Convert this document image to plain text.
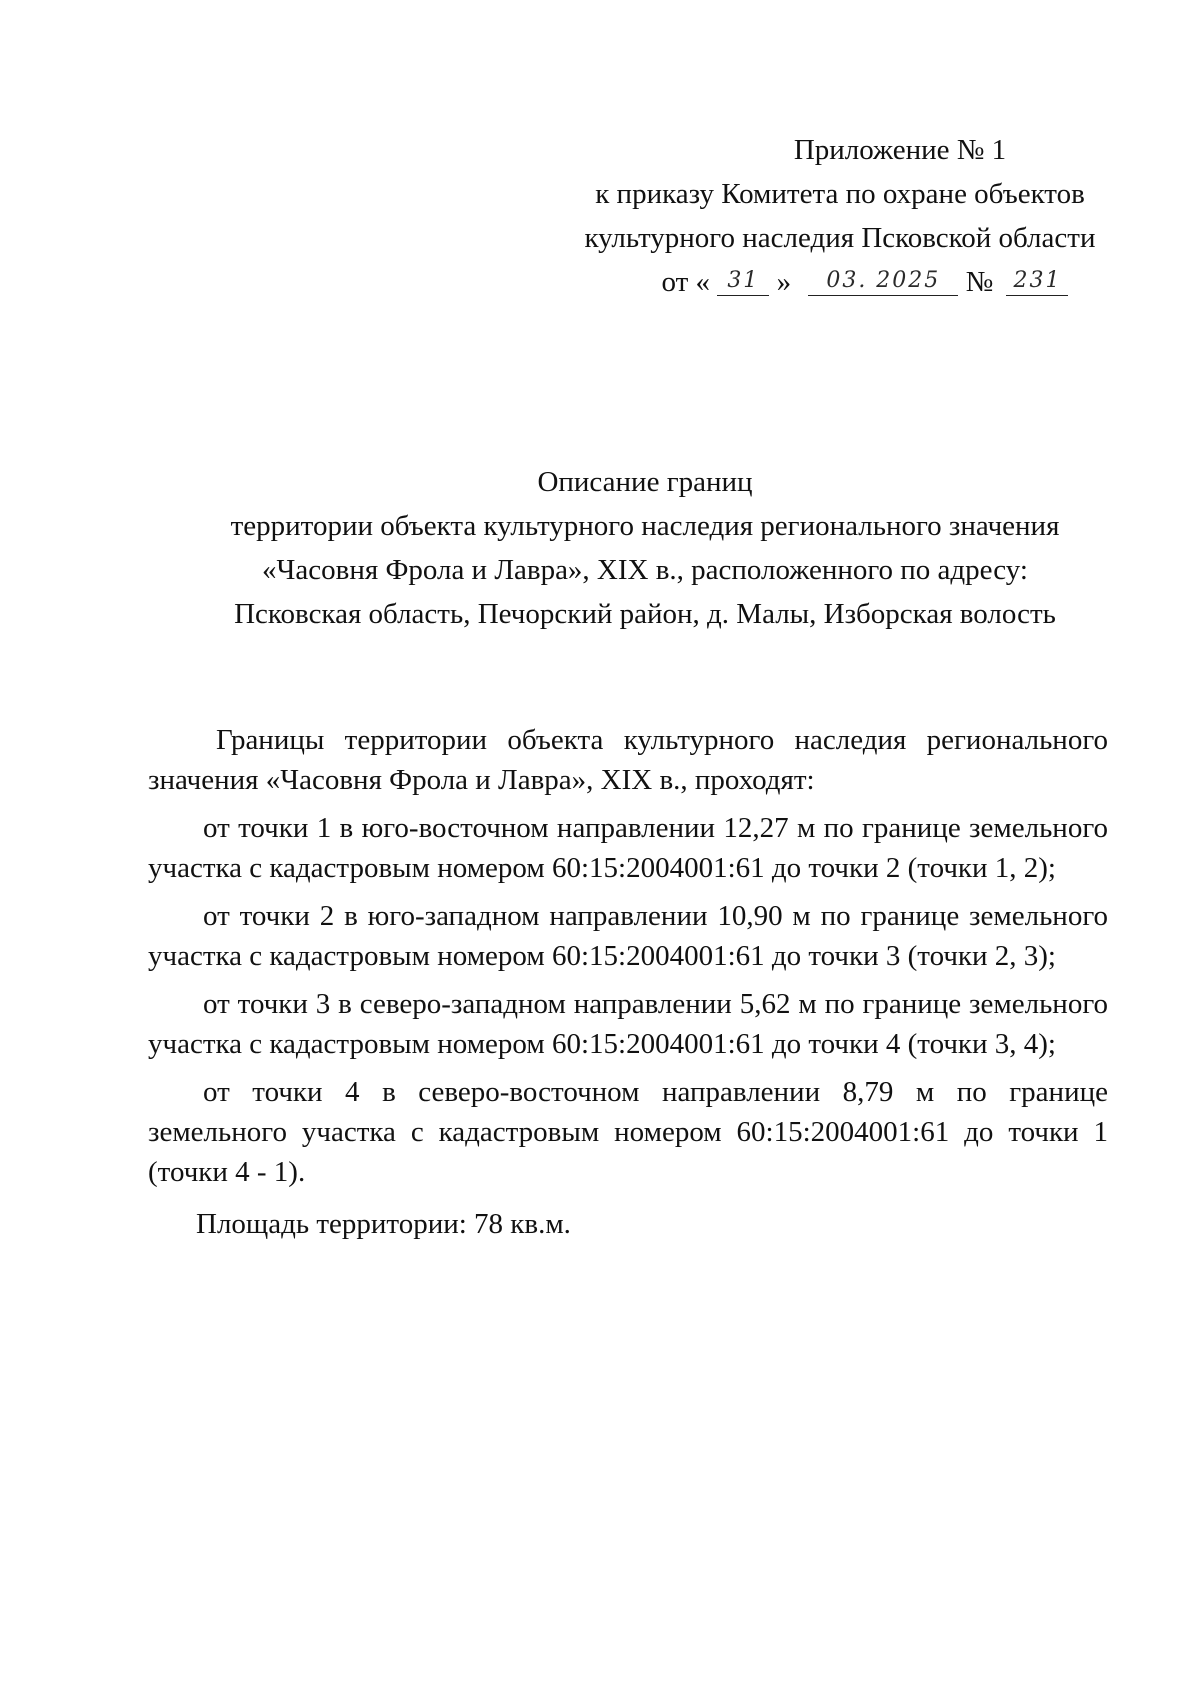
Приложение № 1
к приказу Комитета по охране объектов
культурного наследия Псковской области
от « 31 » 03. 2025 № 231
Описание границ
территории объекта культурного наследия регионального значения
«Часовня Фрола и Лавра», XIX в., расположенного по адресу:
Псковская область, Печорский район, д. Малы, Изборская волость

Границы территории объекта культурного наследия регионального значения «Часовня Фрола и Лавра», XIX в., проходят:

от точки 1 в юго-восточном направлении 12,27 м по границе земельного участка с кадастровым номером 60:15:2004001:61 до точки 2 (точки 1, 2);

от точки 2 в юго-западном направлении 10,90 м по границе земельного участка с кадастровым номером 60:15:2004001:61 до точки 3 (точки 2, 3);

от точки 3 в северо-западном направлении 5,62 м по границе земельного участка с кадастровым номером 60:15:2004001:61 до точки 4 (точки 3, 4);

от точки 4 в северо-восточном направлении 8,79 м по границе земельного участка с кадастровым номером 60:15:2004001:61 до точки 1 (точки 4 - 1).

Площадь территории: 78 кв.м.
